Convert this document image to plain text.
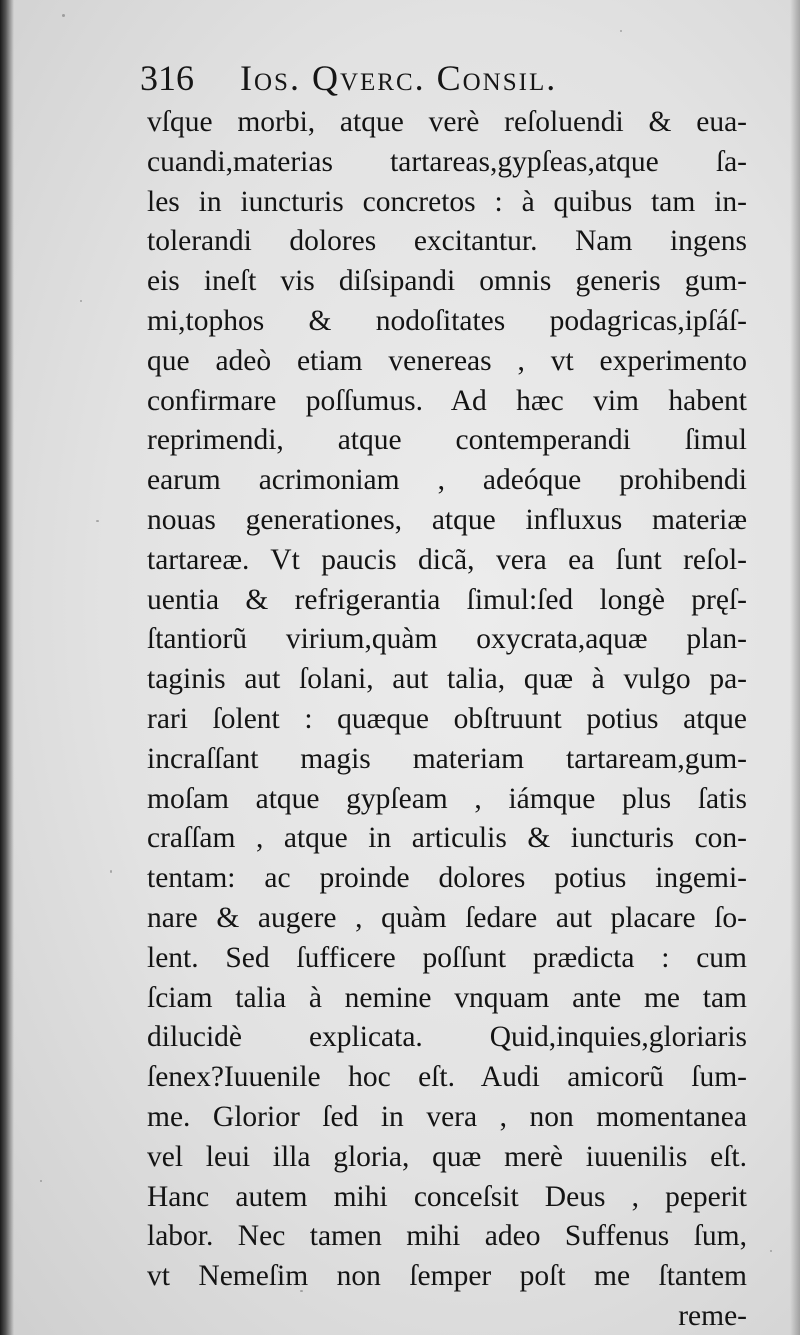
316 Ios. Qverc. Consil.
vſque morbi, atque verè reſoluendi & eua-
cuandi,materias tartareas,gypſeas,atque ſa-
les in iuncturis concretos : à quibus tam in-
tolerandi dolores excitantur. Nam ingens
eis ineſt vis diſsipandi omnis generis gum-
mi,tophos & nodoſitates podagricas,ipſáſ-
que adeò etiam venereas , vt experimento
confirmare poſſumus. Ad hæc vim habent
reprimendi, atque contemperandi ſimul
earum acrimoniam , adeóque prohibendi
nouas generationes, atque influxus materiæ
tartareæ. Vt paucis dicã, vera ea ſunt reſol-
uentia & refrigerantia ſimul:ſed longè pręſ-
ſtantiorũ virium,quàm oxycrata,aquæ plan-
taginis aut ſolani, aut talia, quæ à vulgo pa-
rari ſolent : quæque obſtruunt potius atque
incraſſant magis materiam tartaream,gum-
moſam atque gypſeam , iámque plus ſatis
craſſam , atque in articulis & iuncturis con-
tentam: ac proinde dolores potius ingemi-
nare & augere , quàm ſedare aut placare ſo-
lent. Sed ſufficere poſſunt prædicta : cum
ſciam talia à nemine vnquam ante me tam
dilucidè explicata. Quid,inquies,gloriaris
ſenex?Iuuenile hoc eſt. Audi amicorũ ſum-
me. Glorior ſed in vera , non momentanea
vel leui illa gloria, quæ merè iuuenilis eſt.
Hanc autem mihi conceſsit Deus , peperit
labor. Nec tamen mihi adeo Suffenus ſum,
vt Nemeſim non ſemper poſt me ſtantem
reme-
